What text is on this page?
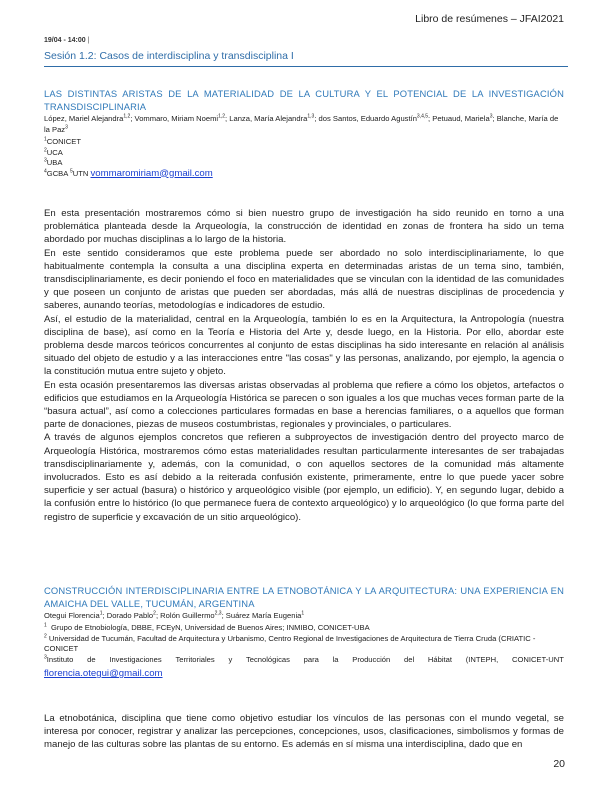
Libro de resúmenes – JFAI2021
19/04 - 14:00 |
Sesión 1.2: Casos de interdisciplina y transdisciplina I
LAS DISTINTAS ARISTAS DE LA MATERIALIDAD DE LA CULTURA Y EL POTENCIAL DE LA INVESTIGACIÓN TRANSDISCIPLINARIA
López, Mariel Alejandra$^{1,2}$; Vommaro, Miriam Noemi$^{1,2}$; Lanza, María Alejandra$^{1,3}$; dos Santos, Eduardo Agustín$^{3,4,5}$; Petuaud, Mariela$^3$; Blanche, María de la Paz$^3$
$^1$CONICET
$^2$UCA
$^3$UBA
$^4$GCBA $^5$UTN vommaromiriam@gmail.com

En esta presentación mostraremos cómo si bien nuestro grupo de investigación ha sido reunido en torno a una problemática planteada desde la Arqueología, la construcción de identidad en zonas de frontera ha sido un tema abordado por muchas disciplinas a lo largo de la historia.

En este sentido consideramos que este problema puede ser abordado no solo interdisciplinariamente, lo que habitualmente contempla la consulta a una disciplina experta en determinadas aristas de un tema sino, también, transdisciplinariamente, es decir poniendo el foco en materialidades que se vinculan con la identidad de las comunidades y que poseen un conjunto de aristas que pueden ser abordadas, más allá de nuestras disciplinas de procedencia y saberes, aunando teorías, metodologías e indicadores de estudio.

Así, el estudio de la materialidad, central en la Arqueología, también lo es en la Arquitectura, la Antropología (nuestra disciplina de base), así como en la Teoría e Historia del Arte y, desde luego, en la Historia. Por ello, abordar este problema desde marcos teóricos concurrentes al conjunto de estas disciplinas ha sido interesante en relación al análisis situado del objeto de estudio y a las interacciones entre "las cosas" y las personas, analizando, por ejemplo, la agencia o la constitución mutua entre sujeto y objeto.

En esta ocasión presentaremos las diversas aristas observadas al problema que refiere a cómo los objetos, artefactos o edificios que estudiamos en la Arqueología Histórica se parecen o son iguales a los que muchas veces forman parte de la “basura actual”, así como a colecciones particulares formadas en base a herencias familiares, o a aquellos que forman parte de donaciones, piezas de museos costumbristas, regionales y provinciales, o particulares.

A través de algunos ejemplos concretos que refieren a subproyectos de investigación dentro del proyecto marco de Arqueología Histórica, mostraremos cómo estas materialidades resultan particularmente interesantes de ser trabajadas transdisciplinariamente y, además, con la comunidad, o con aquellos sectores de la comunidad más altamente involucrados. Esto es así debido a la reiterada confusión existente, primeramente, entre lo que puede yacer sobre superficie y ser actual (basura) o histórico y arqueológico visible (por ejemplo, un edificio). Y, en segundo lugar, debido a la confusión entre lo histórico (lo que permanece fuera de contexto arqueológico) y lo arqueológico (lo que forma parte del registro de superficie y excavación de un sitio arqueológico).

CONSTRUCCIÓN INTERDISCIPLINARIA ENTRE LA ETNOBOTÁNICA Y LA ARQUITECTURA: UNA EXPERIENCIA EN AMAICHA DEL VALLE, TUCUMÁN, ARGENTINA
Otegui Florencia$^1$; Dorado Pablo$^2$; Rolón Guillermo$^{2,3}$; Suárez María Eugenia$^1$
$^1$  Grupo de Etnobiología, DBBE, FCEyN, Universidad de Buenos Aires; INMIBO, CONICET-UBA
$^2$ Universidad de Tucumán, Facultad de Arquitectura y Urbanismo, Centro Regional de Investigaciones de Arquitectura de Tierra Cruda (CRIATIC - CONICET
$^3$Instituto de Investigaciones Territoriales y Tecnológicas para la Producción del Hábitat (INTEPH, CONICET-UNT
florencia.otegui@gmail.com

La etnobotánica, disciplina que tiene como objetivo estudiar los vínculos de las personas con el mundo vegetal, se interesa por conocer, registrar y analizar las percepciones, concepciones, usos, clasificaciones, simbolismos y formas de manejo de las culturas sobre las plantas de su entorno. Es además en sí misma una interdisciplina, dado que en

20
